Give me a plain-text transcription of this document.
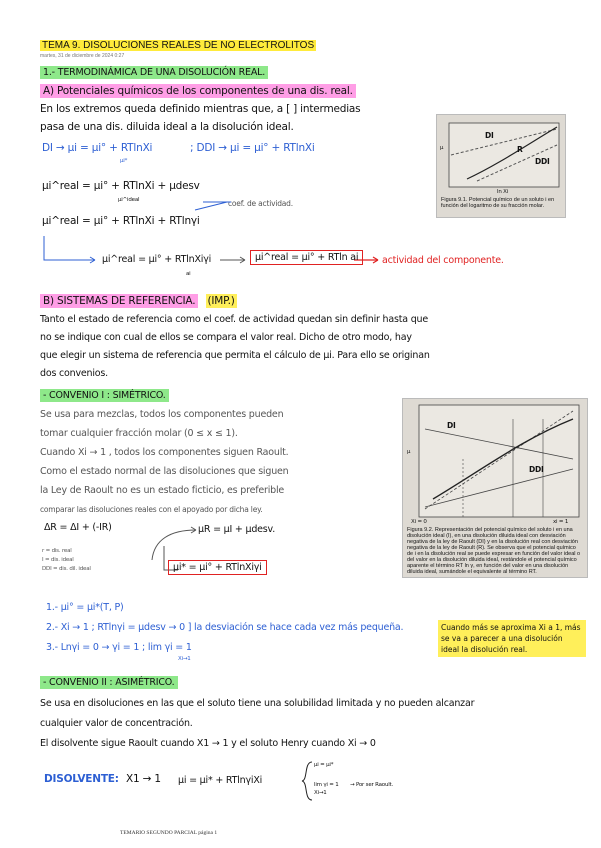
TEMA 9. DISOLUCIONES REALES DE NO ELECTROLITOS
martes, 31 de diciembre de 2024 0:27
1.- TERMODINÁMICA DE UNA DISOLUCIÓN REAL.
A) Potenciales químicos de los componentes de una dis. real.
En los extremos queda definido mientras que, a [ ] intermedias
pasa de una dis. diluida ideal a la disolución ideal.
DI → μi = μi° + RTlnXi
μi*
; DDI → μi = μi° + RTlnXi
μi^real = μi° + RTlnXi + μdesv
μi^ideal
μi^real = μi° + RTlnXi + RTlnγi
coef. de actividad.
μi^real = μi° + RTlnXiγi
ai
μi^real = μi° + RTln ai	actividad del componente.
DI
R
DDI
μ
ln Xi
Figura 9.1. Potencial químico de un soluto i en función del logaritmo de su fracción molar.
B) SISTEMAS DE REFERENCIA. (IMP.)
Tanto el estado de referencia como el coef. de actividad quedan sin definir hasta que
no se indique con cual de ellos se compara el valor real. Dicho de otro modo, hay
que elegir un sistema de referencia que permita el cálculo de μi. Para ello se originan
dos convenios.
- CONVENIO I : SIMÉTRICO.
Se usa para mezclas, todos los componentes pueden
tomar cualquier fracción molar (0 ≤ x ≤ 1).
Cuando Xi → 1 , todos los componentes siguen Raoult.
Como el estado normal de las disoluciones que siguen
la Ley de Raoult no es un estado ficticio, es preferible
comparar las disoluciones reales con el apoyado por dicha ley.
ΔR = ΔI + (-ΙR)	μR = μI + μdesv.
μi* = μi° + RTlnXiγi
r = dis. real
I = dis. ideal
DDI = dis. dil. ideal
DI
DDI
μ
xi = 1
Xi = 0
Figura 9.2. Representación del potencial químico del soluto i en una disolución ideal (I), en una disolución diluida ideal con desviación negativa de la ley de Raoult (DI) y en la disolución real con desviación negativa de la ley de Raoult (R). Se observa que el potencial químico de i en la disolución real se puede expresar en función del valor ideal o del valor en la disolución diluida ideal, restándole el potencial químico aparente el término RT ln γ, en función del valor en una disolución diluida ideal, sumándole el equivalente al término RT.
1.- μi° = μi*(T, P)
2.- Xi → 1 ; RTlnγi = μdesv → 0 ] la desviación se hace cada vez más pequeña.
3.- Lnγi = 0 → γi = 1 ; lim γi = 1
Xi→1
Cuando más se aproxima Xi a 1, más se va a parecer a una disolución ideal la disolución real.
- CONVENIO II : ASIMÉTRICO.
Se usa en disoluciones en las que el soluto tiene una solubilidad limitada y no pueden alcanzar
cualquier valor de concentración.
El disolvente sigue Raoult cuando X1 → 1 y el soluto Henry cuando Xi → 0
DISOLVENTE: X1 → 1 μi = μi* + RTlnγiXi
μi = μi*
lim γi = 1
Xi→1
→ Por ser Raoult.
TEMARIO SEGUNDO PARCIAL página 1
